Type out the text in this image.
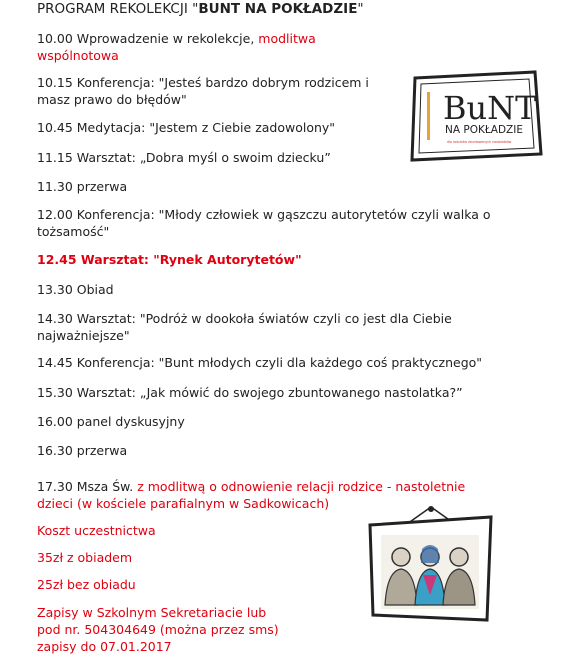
PROGRAM REKOLEKCJI "BUNT NA POKŁADZIE"
10.00 Wprowadzenie w rekolekcje, modlitwa
wspólnotowa
10.15 Konferencja: "Jesteś bardzo dobrym rodzicem i
masz prawo do błędów"
10.45 Medytacja: "Jestem z Ciebie zadowolony"
11.15 Warsztat: „Dobra myśl o swoim dziecku”
11.30 przerwa
12.00 Konferencja: "Młody człowiek w gąszczu autorytetów czyli walka o
tożsamość"
12.45 Warsztat: "Rynek Autorytetów"
13.30 Obiad
14.30 Warsztat: "Podróż w dookoła światów czyli co jest dla Ciebie
najważniejsze"
14.45 Konferencja: "Bunt młodych czyli dla każdego coś praktycznego"
15.30 Warsztat: „Jak mówić do swojego zbuntowanego nastolatka?”
16.00 panel dyskusyjny
16.30 przerwa
17.30 Msza Św. z modlitwą o odnowienie relacji rodzice - nastoletnie
dzieci (w kościele parafialnym w Sadkowicach)
Koszt uczestnictwa
35zł z obiadem
25zł bez obiadu
Zapisy w Szkolnym Sekretariacie lub
pod nr. 504304649 (można przez sms)
zapisy do 07.01.2017
BuNT
NA POKŁADZIE
dla rodziców zbuntowanych nastolatków
